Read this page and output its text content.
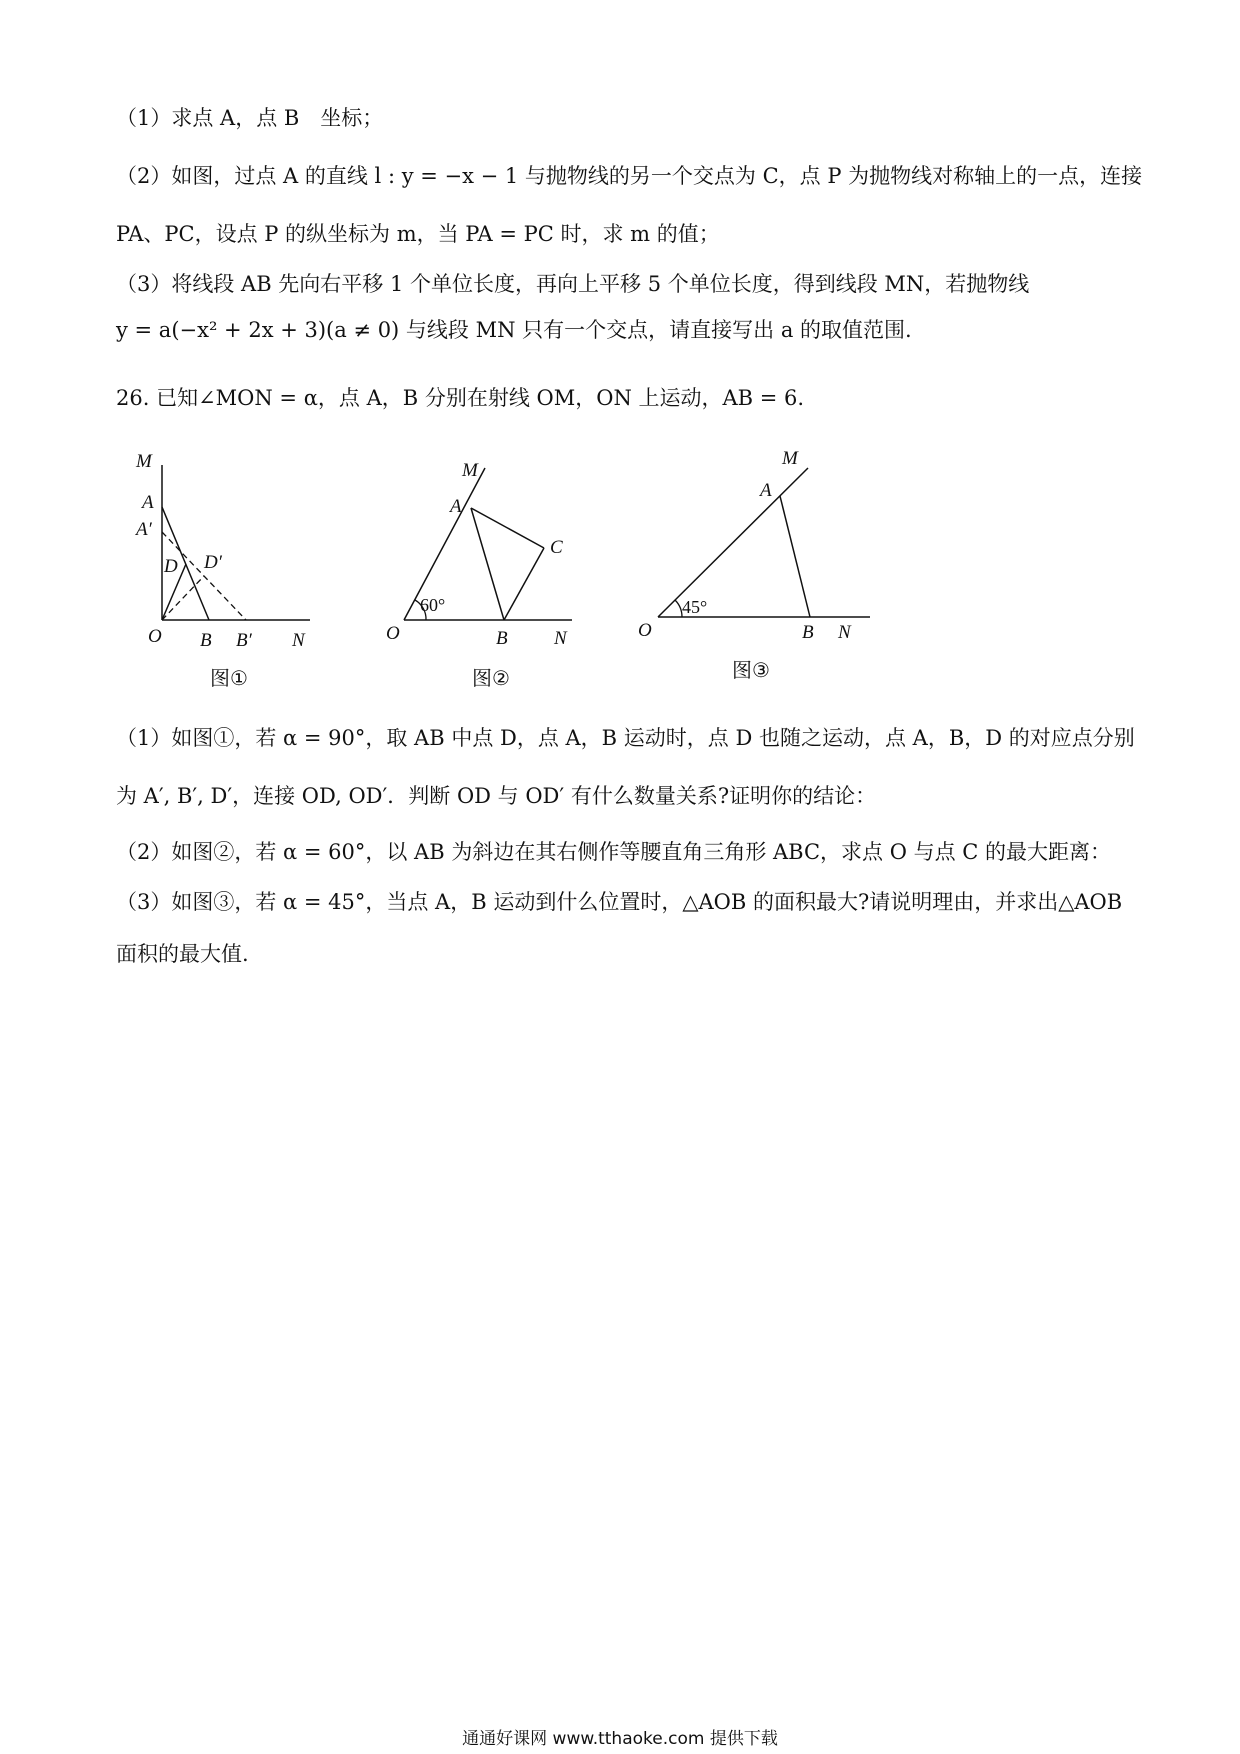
（1）求点 A，点 B　坐标；
（2）如图，过点 A 的直线 l : y = −x − 1 与抛物线的另一个交点为 C，点 P 为抛物线对称轴上的一点，连接
PA、PC，设点 P 的纵坐标为 m，当 PA = PC 时，求 m 的值；
（3）将线段 AB 先向右平移 1 个单位长度，再向上平移 5 个单位长度，得到线段 MN，若抛物线
y = a(−x² + 2x + 3)(a ≠ 0) 与线段 MN 只有一个交点，请直接写出 a 的取值范围.
26. 已知∠MON = α，点 A，B 分别在射线 OM，ON 上运动，AB = 6.
M
A
A′
D D′
O B B′ N
图①
M
A
C
60°
O	B N
图②
M
A
45°
O	B N
图③
（1）如图①，若 α = 90°，取 AB 中点 D，点 A，B 运动时，点 D 也随之运动，点 A，B，D 的对应点分别
为 A′, B′, D′，连接 OD, OD′．判断 OD 与 OD′ 有什么数量关系?证明你的结论：
（2）如图②，若 α = 60°，以 AB 为斜边在其右侧作等腰直角三角形 ABC，求点 O 与点 C 的最大距离：
（3）如图③，若 α = 45°，当点 A，B 运动到什么位置时，△AOB 的面积最大?请说明理由，并求出△AOB
面积的最大值.
通通好课网 www.tthaoke.com 提供下载
